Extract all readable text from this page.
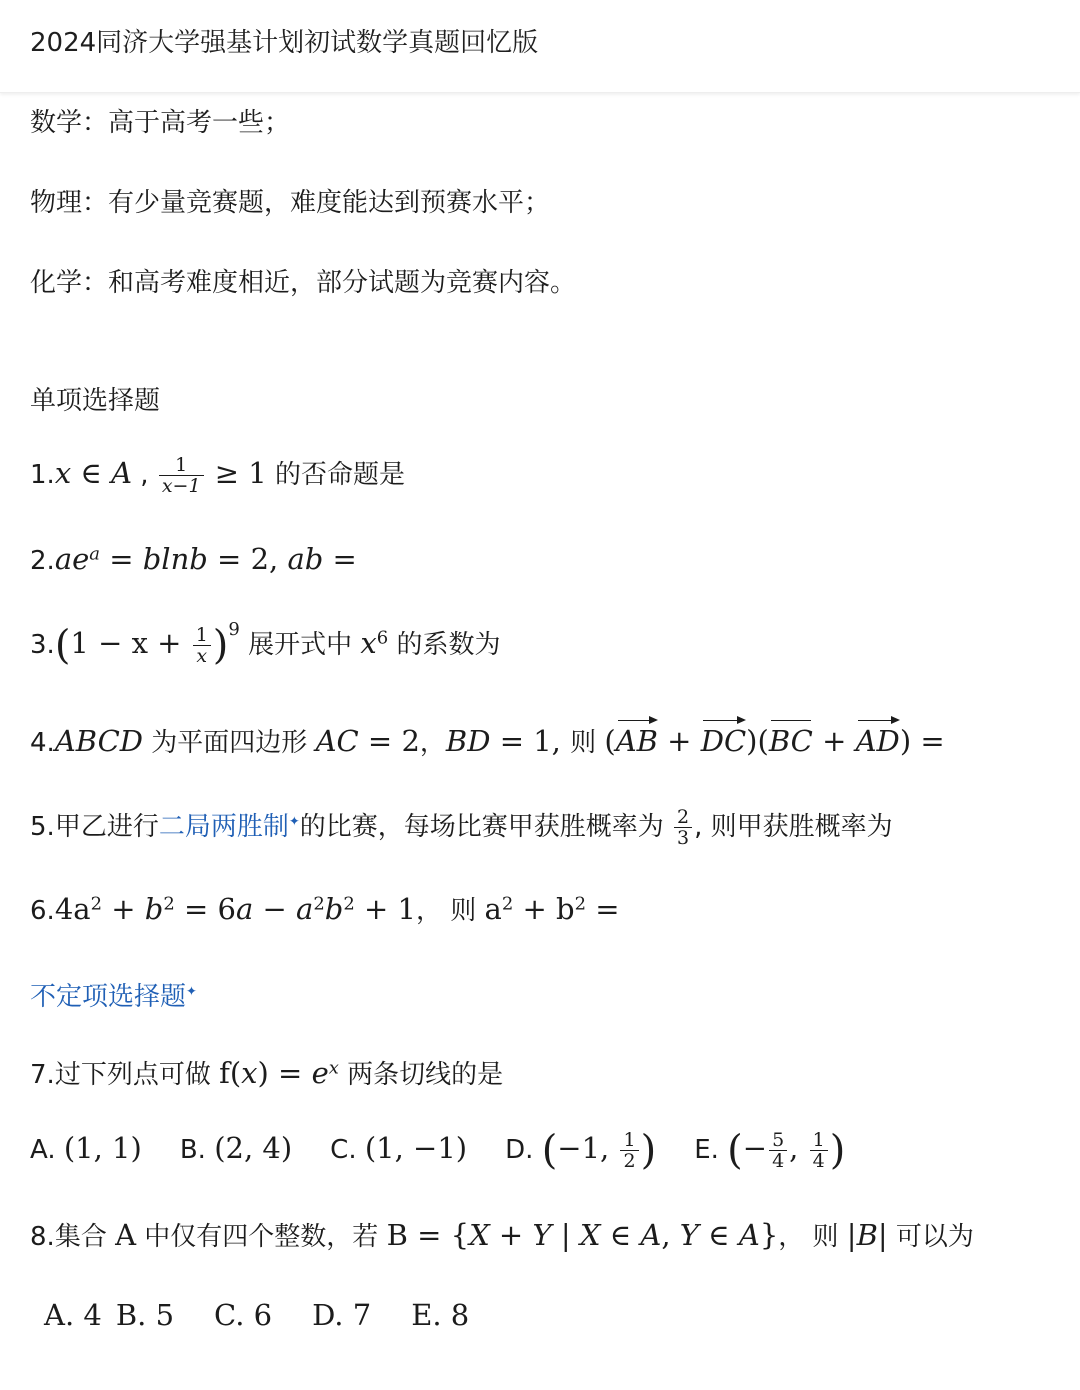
2024同济大学强基计划初试数学真题回忆版
数学：高于高考一些；
物理：有少量竞赛题，难度能达到预赛水平；
化学：和高考难度相近，部分试题为竞赛内容。
单项选择题
1.x ∈ A , $\frac{1}{x-1} \ge 1$ 的否命题是
$2.ae^a = blnb = 2$, ab =
$3.(1 - x + \frac{1}{x} )^9$ 展开式中 $x^6$ 的系数为
4.ABCD 为平面四边形 AC = 2，BD = 1, 则 (AB + DC)(BC + AD) =
5.甲乙进行二局两胜制✦的比赛，每场比赛甲获胜概率为 $\frac{2}{3}$ , 则甲获胜概率为
$6.4a^2 + b^2 = 6a - a^2b^2 + 1$， 则 $a^2 + b^2$ =
不定项选择题✦
7.过下列点可做 $f(x) = e^x$ 两条切线的是
A. (1, 1) B. (2, 4) C. (1, −1) D. (−1, $\frac{1}{2}$ ) E. (− $\frac{5}{4}$ , $\frac{1}{4}$ )
8.集合 A 中仅有四个整数，若 B = {X + Y | X ∈ A, Y ∈ A}， 则 |B| 可以为
A. 4 B. 5 C. 6 D. 7 E. 8
